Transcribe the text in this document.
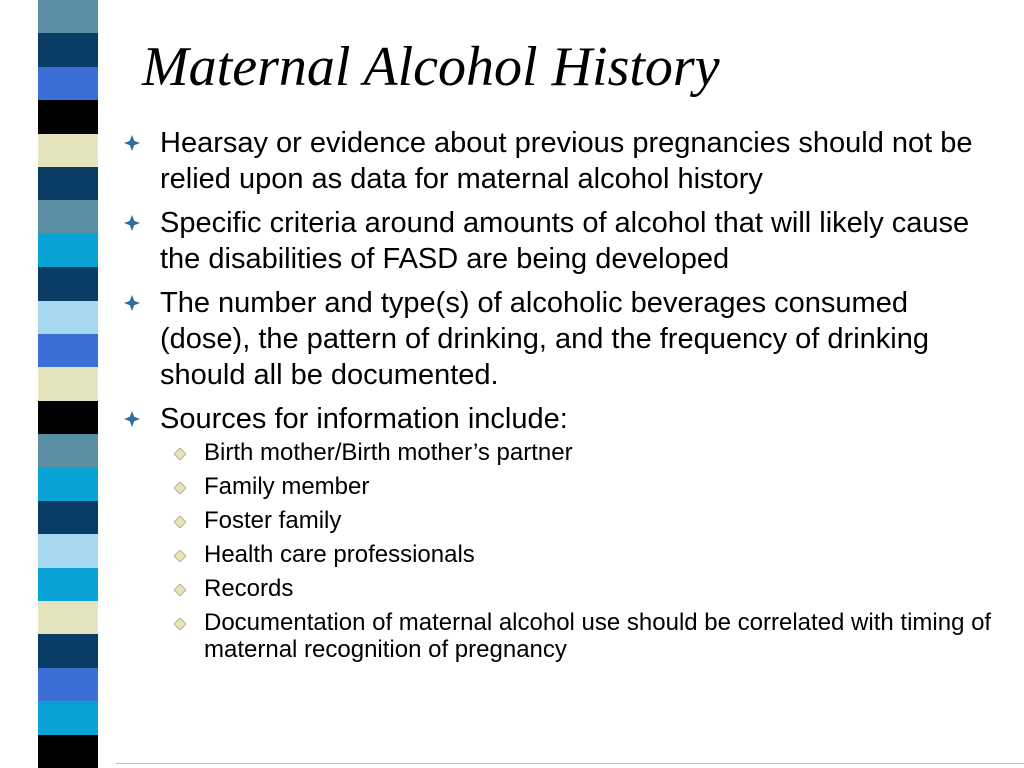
Maternal Alcohol History
Hearsay or evidence about previous pregnancies should not be relied upon as data for maternal alcohol history
Specific criteria around amounts of alcohol that will likely cause the disabilities of FASD are being developed
The number and type(s) of alcoholic beverages consumed (dose), the pattern of drinking, and the frequency of drinking should all be documented.
Sources for information include:
Birth mother/Birth mother’s partner
Family member
Foster family
Health care professionals
Records
Documentation of maternal alcohol use should be correlated with timing of maternal recognition of pregnancy
